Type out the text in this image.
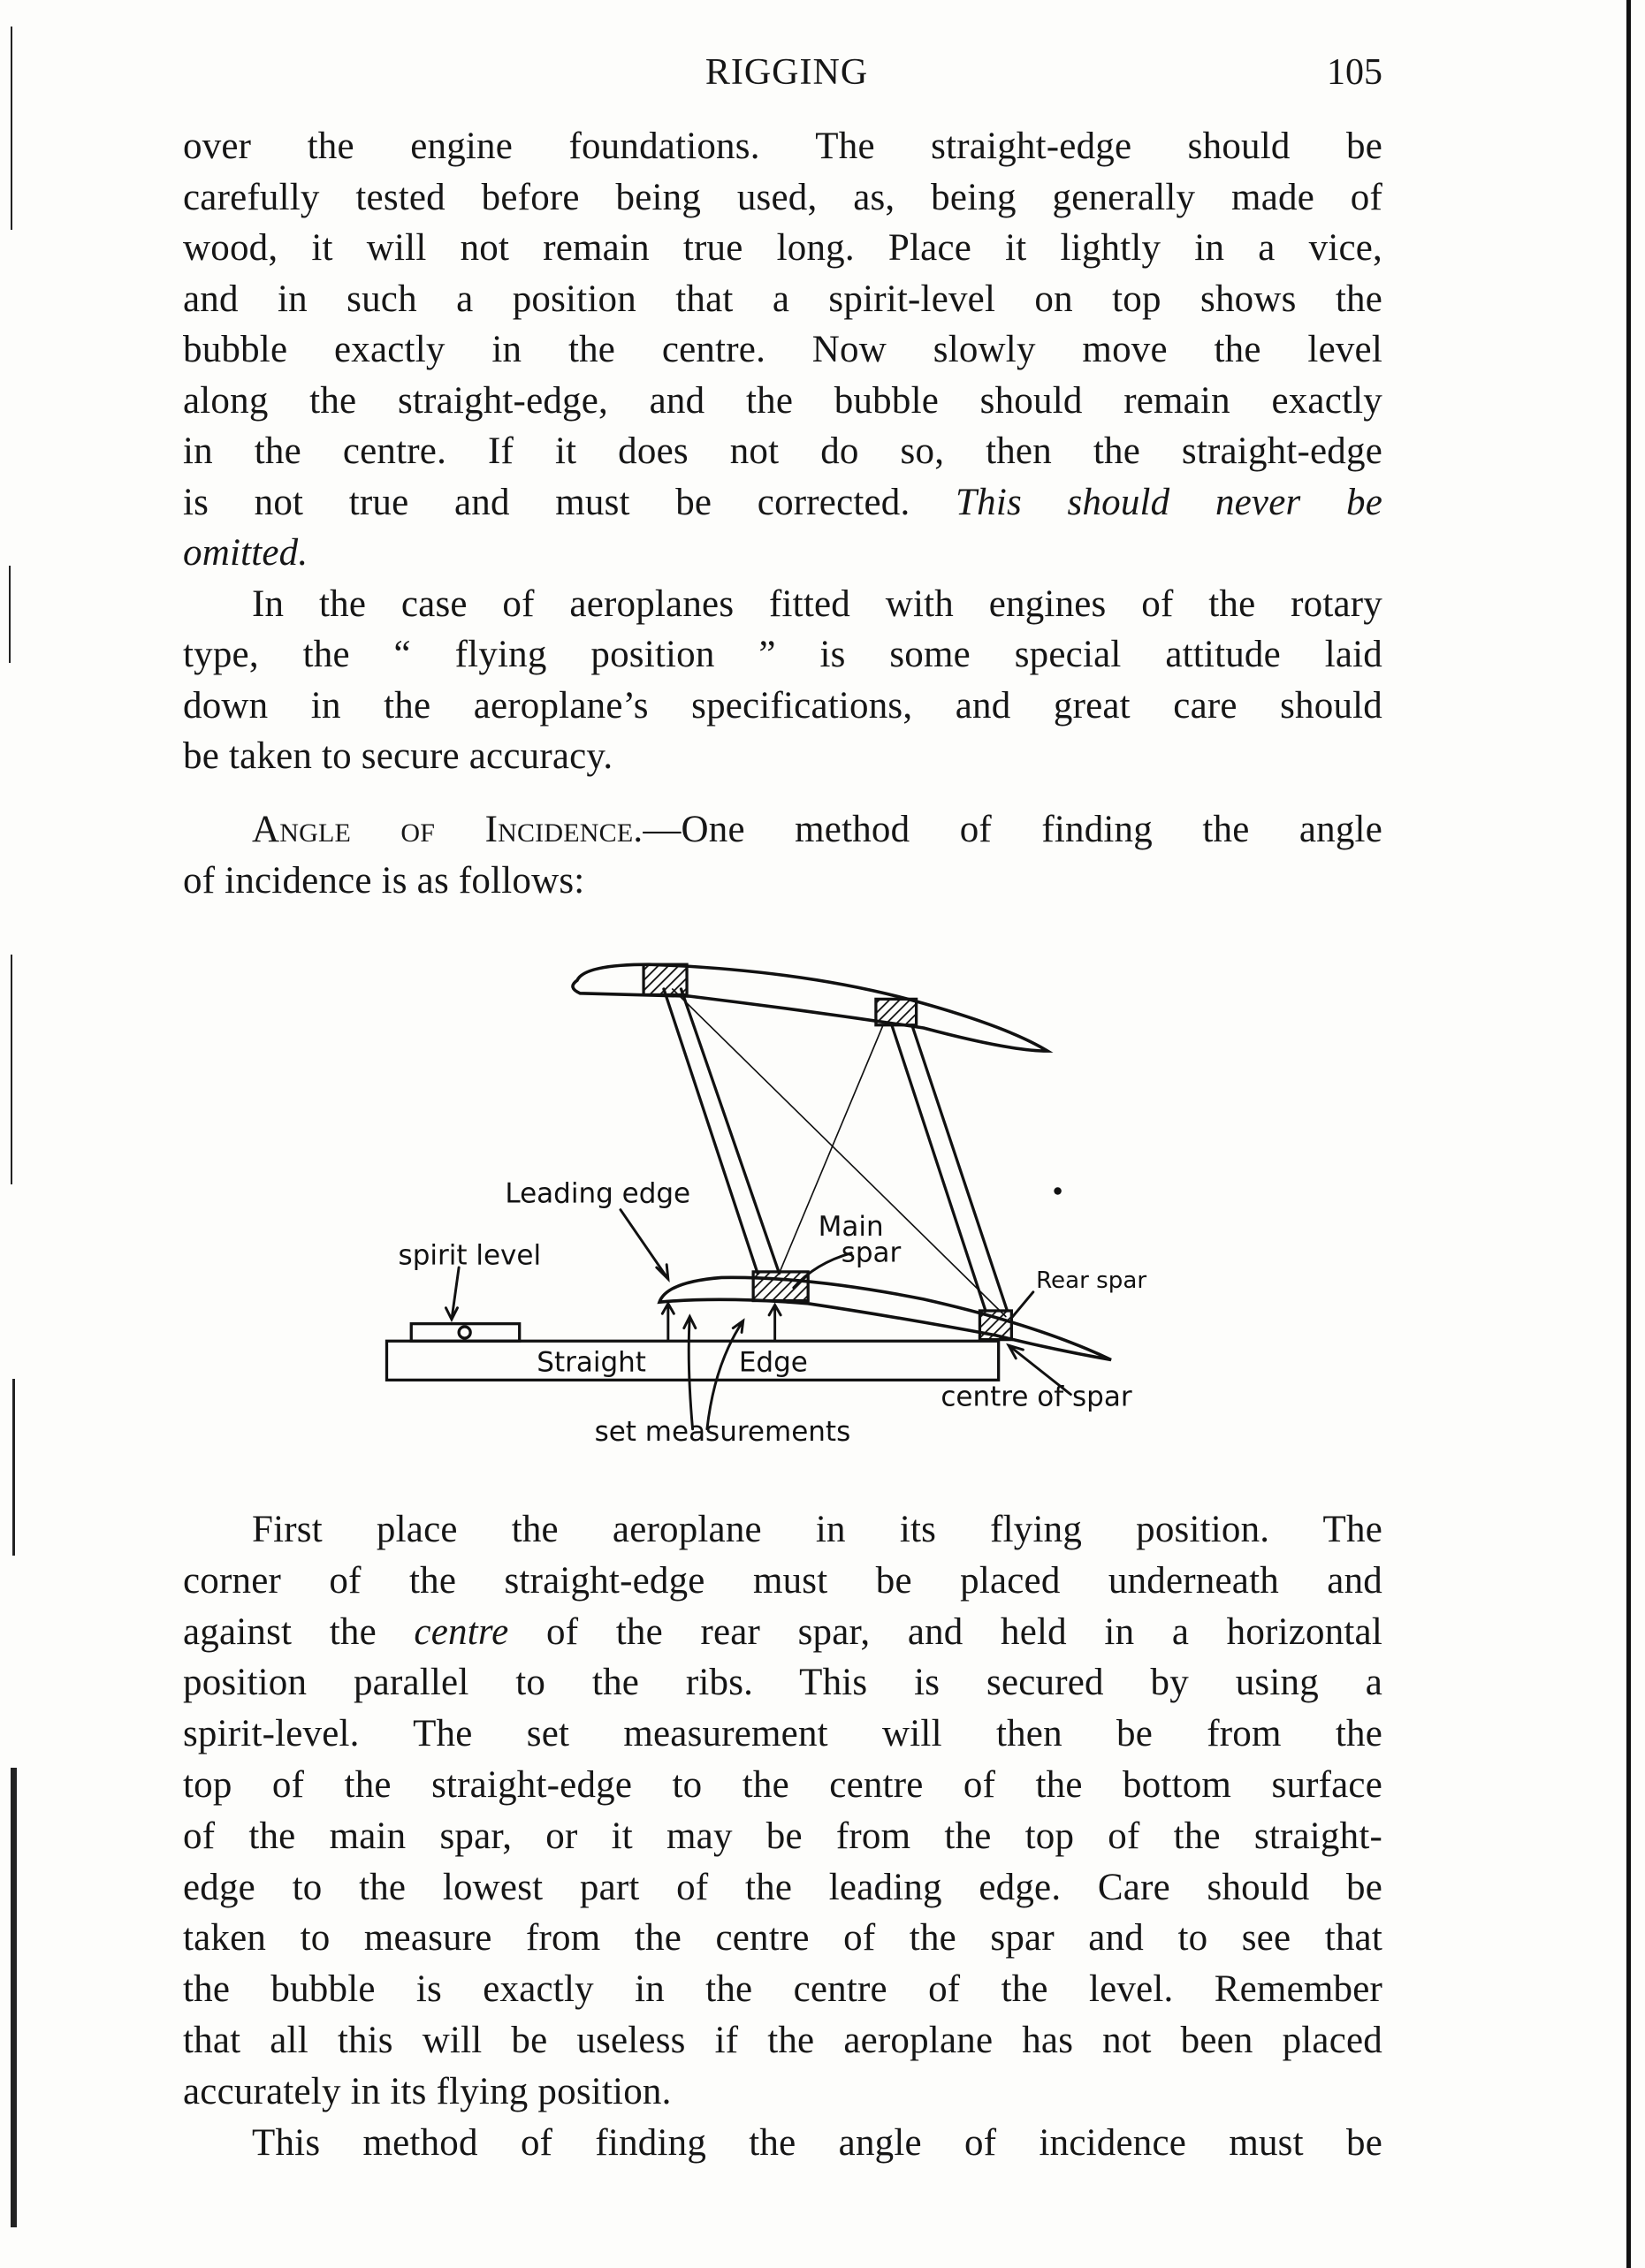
RIGGING	105
over the engine foundations. The straight-edge should be
carefully tested before being used, as, being generally made of
wood, it will not remain true long. Place it lightly in a vice,
and in such a position that a spirit-level on top shows the
bubble exactly in the centre. Now slowly move the level
along the straight-edge, and the bubble should remain exactly
in the centre. If it does not do so, then the straight-edge
is not true and must be corrected. This should never be
omitted.
In the case of aeroplanes fitted with engines of the rotary
type, the “ flying position ” is some special attitude laid
down in the aeroplane’s specifications, and great care should
be taken to secure accuracy.
Angle of Incidence.—One method of finding the angle
of incidence is as follows:
First place the aeroplane in its flying position. The
corner of the straight-edge must be placed underneath and
against the centre of the rear spar, and held in a horizontal
position parallel to the ribs. This is secured by using a
spirit-level. The set measurement will then be from the
top of the straight-edge to the centre of the bottom surface
of the main spar, or it may be from the top of the straight-
edge to the lowest part of the leading edge. Care should be
taken to measure from the centre of the spar and to see that
the bubble is exactly in the centre of the level. Remember
that all this will be useless if the aeroplane has not been placed
accurately in its flying position.
This method of finding the angle of incidence must be
Leading edge
Main
spar
spirit level
Rear spar
Straight	Edge
centre of spar
set measurements
